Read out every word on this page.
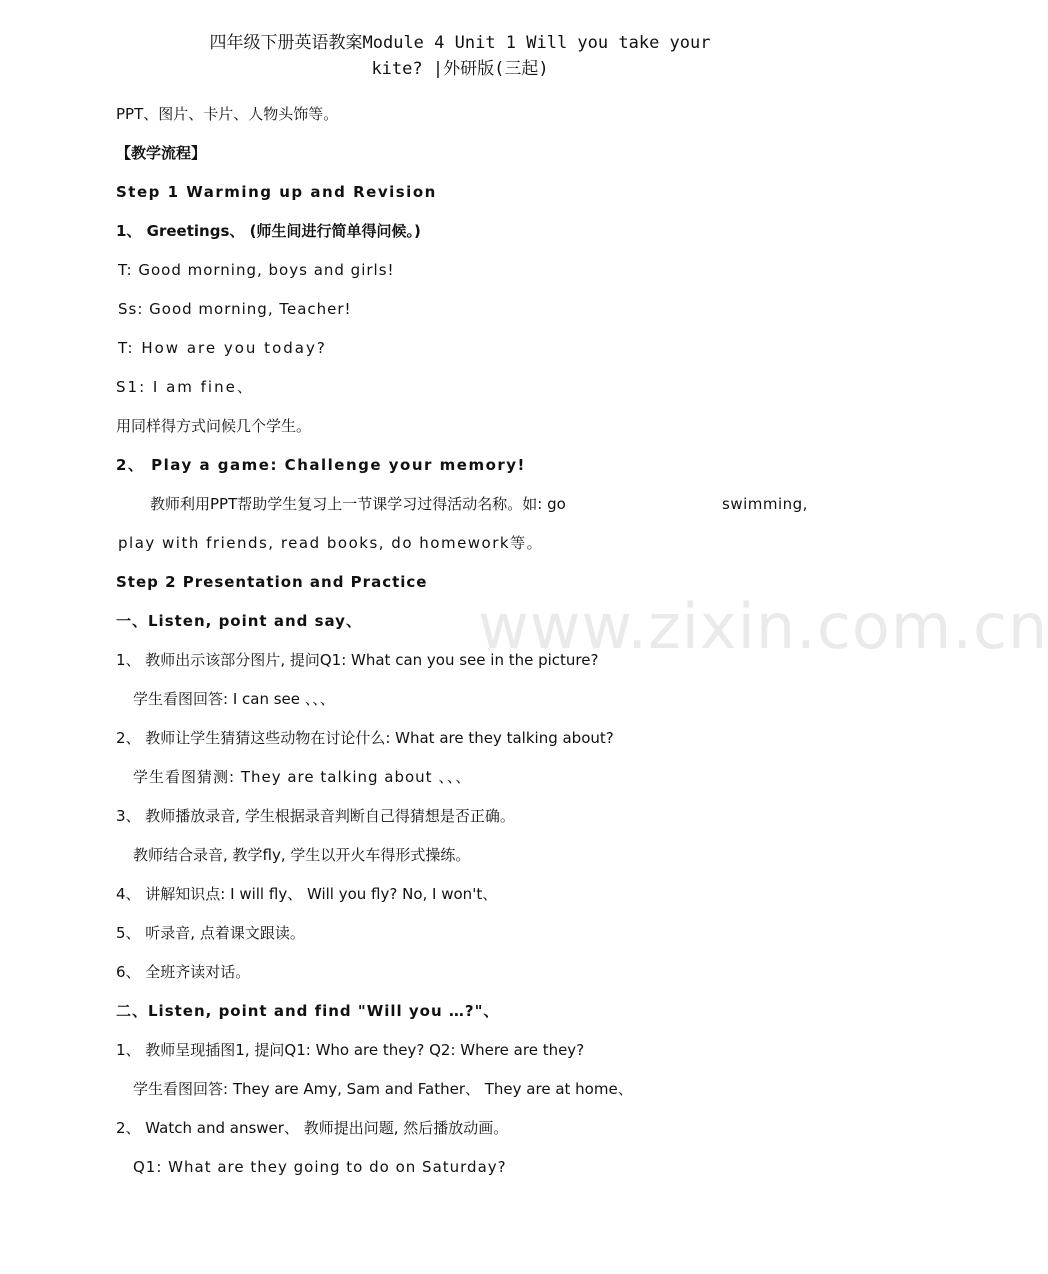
四年级下册英语教案Module 4 Unit 1 Will you take your
kite? |外研版(三起)
www.zixin.com.cn
PPT、图片、卡片、人物头饰等。
【教学流程】
Step 1 Warming up and Revision
1、 Greetings、 (师生间进行简单得问候。)
T: Good morning, boys and girls!
Ss: Good morning, Teacher!
T: How are you today?
S1: I am fine、
用同样得方式问候几个学生。
2、 Play a game: Challenge your memory!
教师利用PPT帮助学生复习上一节课学习过得活动名称。如: go	swimming,
play with friends, read books, do homework等。
Step 2 Presentation and Practice
一、Listen, point and say、
1、 教师出示该部分图片, 提问Q1: What can you see in the picture?
学生看图回答: I can see 、、、
2、 教师让学生猜猜这些动物在讨论什么: What are they talking about?
学生看图猜测: They are talking about 、、、
3、 教师播放录音, 学生根据录音判断自己得猜想是否正确。
教师结合录音, 教学fly, 学生以开火车得形式操练。
4、 讲解知识点: I will fly、 Will you fly? No, I won't、
5、 听录音, 点着课文跟读。
6、 全班齐读对话。
二、Listen, point and find "Will you …?"、
1、 教师呈现插图1, 提问Q1: Who are they? Q2: Where are they?
学生看图回答: They are Amy, Sam and Father、 They are at home、
2、 Watch and answer、 教师提出问题, 然后播放动画。
Q1: What are they going to do on Saturday?
